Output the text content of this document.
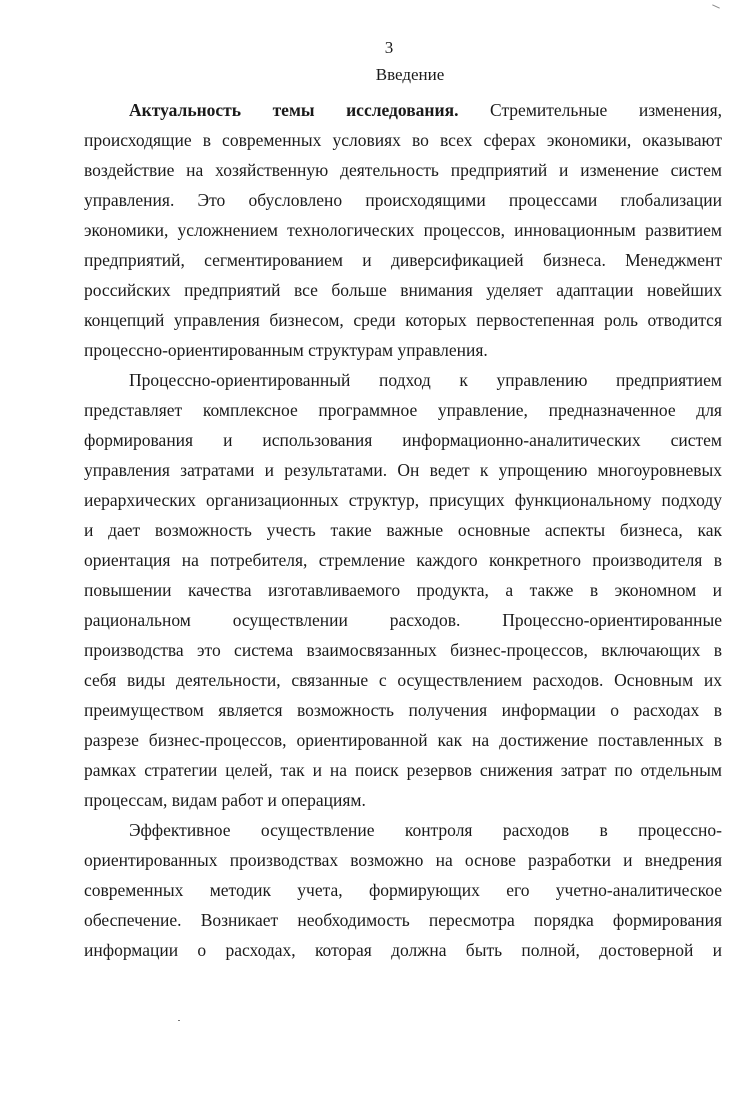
3
Введение
Актуальность темы исследования. Стремительные изменения,
происходящие в современных условиях во всех сферах экономики, оказывают
воздействие на хозяйственную деятельность предприятий и изменение систем
управления. Это обусловлено происходящими процессами глобализации
экономики, усложнением технологических процессов, инновационным развитием
предприятий, сегментированием и диверсификацией бизнеса. Менеджмент
российских предприятий все больше внимания уделяет адаптации новейших
концепций управления бизнесом, среди которых первостепенная роль отводится
процессно-ориентированным структурам управления.
Процессно-ориентированный подход к управлению предприятием
представляет комплексное программное управление, предназначенное для
формирования и использования информационно-аналитических систем
управления затратами и результатами. Он ведет к упрощению многоуровневых
иерархических организационных структур, присущих функциональному подходу
и дает возможность учесть такие важные основные аспекты бизнеса, как
ориентация на потребителя, стремление каждого конкретного производителя в
повышении качества изготавливаемого продукта, а также в экономном и
рациональном осуществлении расходов. Процессно-ориентированные
производства это система взаимосвязанных бизнес-процессов, включающих в
себя виды деятельности, связанные с осуществлением расходов. Основным их
преимуществом является возможность получения информации о расходах в
разрезе бизнес-процессов, ориентированной как на достижение поставленных в
рамках стратегии целей, так и на поиск резервов снижения затрат по отдельным
процессам, видам работ и операциям.
Эффективное осуществление контроля расходов в процессно-
ориентированных производствах возможно на основе разработки и внедрения
современных методик учета, формирующих его учетно-аналитическое
обеспечение. Возникает необходимость пересмотра порядка формирования
информации о расходах, которая должна быть полной, достоверной и
